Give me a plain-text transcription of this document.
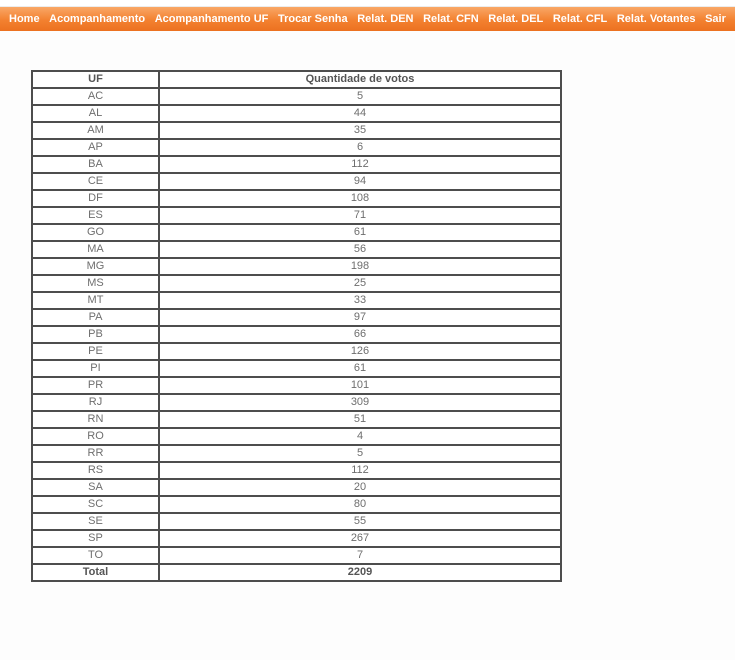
Home Acompanhamento Acompanhamento UF Trocar Senha Relat. DEN Relat. CFN Relat. DEL Relat. CFL Relat. Votantes Sair
UF	Quantidade de votos
AC	5
AL	44
AM	35
AP	6
BA	112
CE	94
DF	108
ES	71
GO	61
MA	56
MG	198
MS	25
MT	33
PA	97
PB	66
PE	126
PI	61
PR	101
RJ	309
RN	51
RO	4
RR	5
RS	112
SA	20
SC	80
SE	55
SP	267
TO	7
Total	2209
